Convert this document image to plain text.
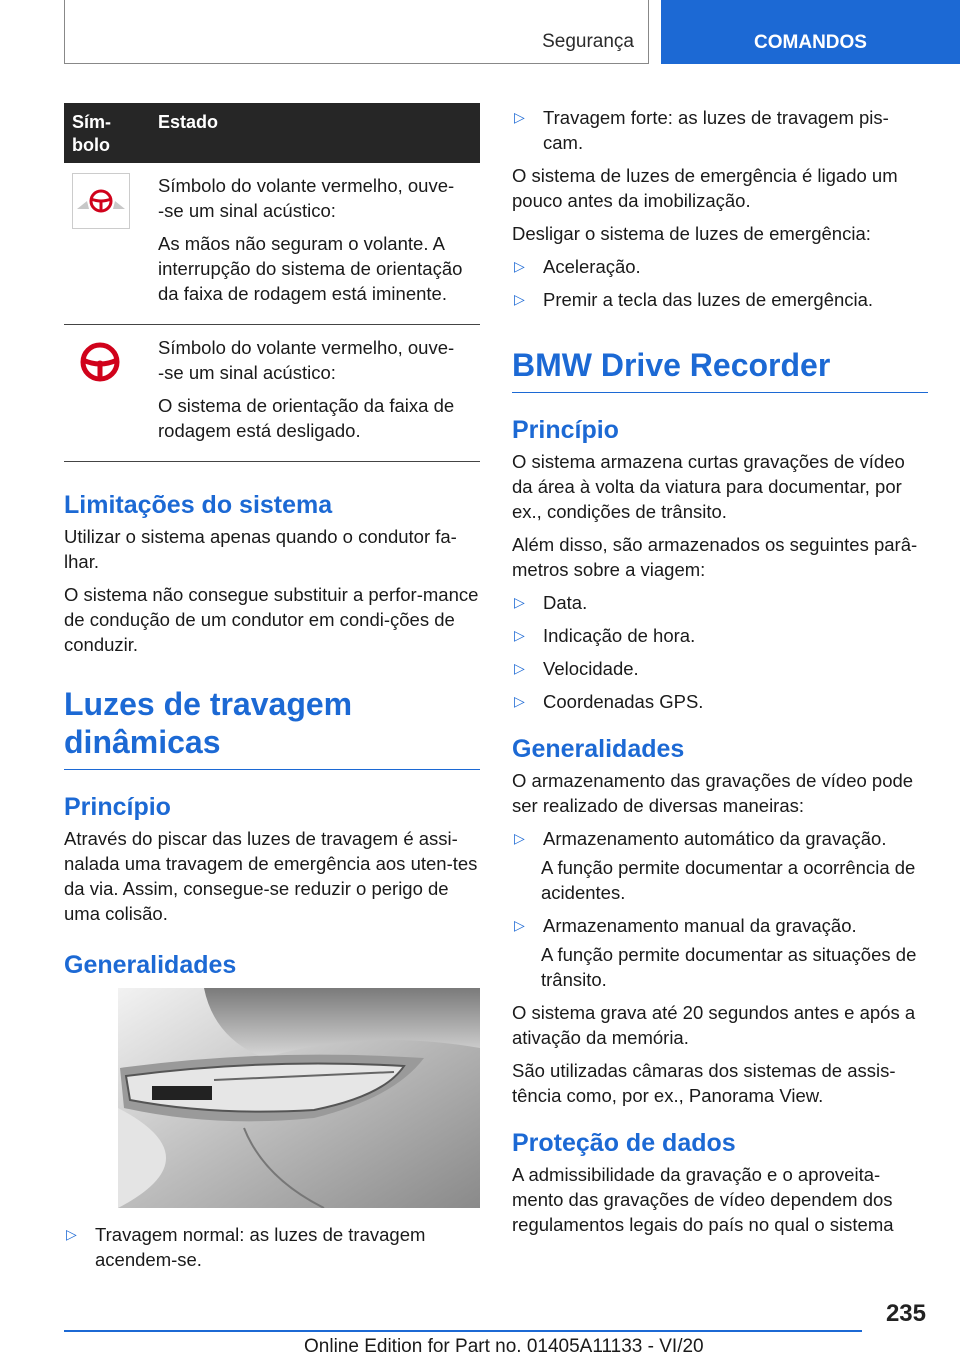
Segurança	COMANDOS
Sím-
bolo	Estado

Símbolo do volante vermelho, ouve-
-se um sinal acústico:

As mãos não seguram o volante. A interrupção do sistema de orientação da faixa de rodagem está iminente.

Símbolo do volante vermelho, ouve-
-se um sinal acústico:

O sistema de orientação da faixa de rodagem está desligado.

Limitações do sistema

Utilizar o sistema apenas quando o condutor fa-lhar.

O sistema não consegue substituir a perfor-mance de condução de um condutor em condi-ções de conduzir.

Luzes de travagem dinâmicas
Princípio

Através do piscar das luzes de travagem é assi-nalada uma travagem de emergência aos uten-tes da via. Assim, consegue-se reduzir o perigo de uma colisão.

Generalidades
▷ Travagem normal: as luzes de travagem acendem-se.
▷ Travagem forte: as luzes de travagem pis-cam.

O sistema de luzes de emergência é ligado um pouco antes da imobilização.

Desligar o sistema de luzes de emergência:

▷ Aceleração.
▷ Premir a tecla das luzes de emergência.
BMW Drive Recorder
Princípio

O sistema armazena curtas gravações de vídeo da área à volta da viatura para documentar, por ex., condições de trânsito.

Além disso, são armazenados os seguintes parâ-metros sobre a viagem:

▷ Data.
▷ Indicação de hora.
▷ Velocidade.
▷ Coordenadas GPS.
Generalidades

O armazenamento das gravações de vídeo pode ser realizado de diversas maneiras:

▷ Armazenamento automático da gravação.

A função permite documentar a ocorrência de acidentes.

▷ Armazenamento manual da gravação.

A função permite documentar as situações de trânsito.

O sistema grava até 20 segundos antes e após a ativação da memória.

São utilizadas câmaras dos sistemas de assis-tência como, por ex., Panorama View.

Proteção de dados

A admissibilidade da gravação e o aproveita-mento das gravações de vídeo dependem dos regulamentos legais do país no qual o sistema

235
Online Edition for Part no. 01405A11133 - VI/20
